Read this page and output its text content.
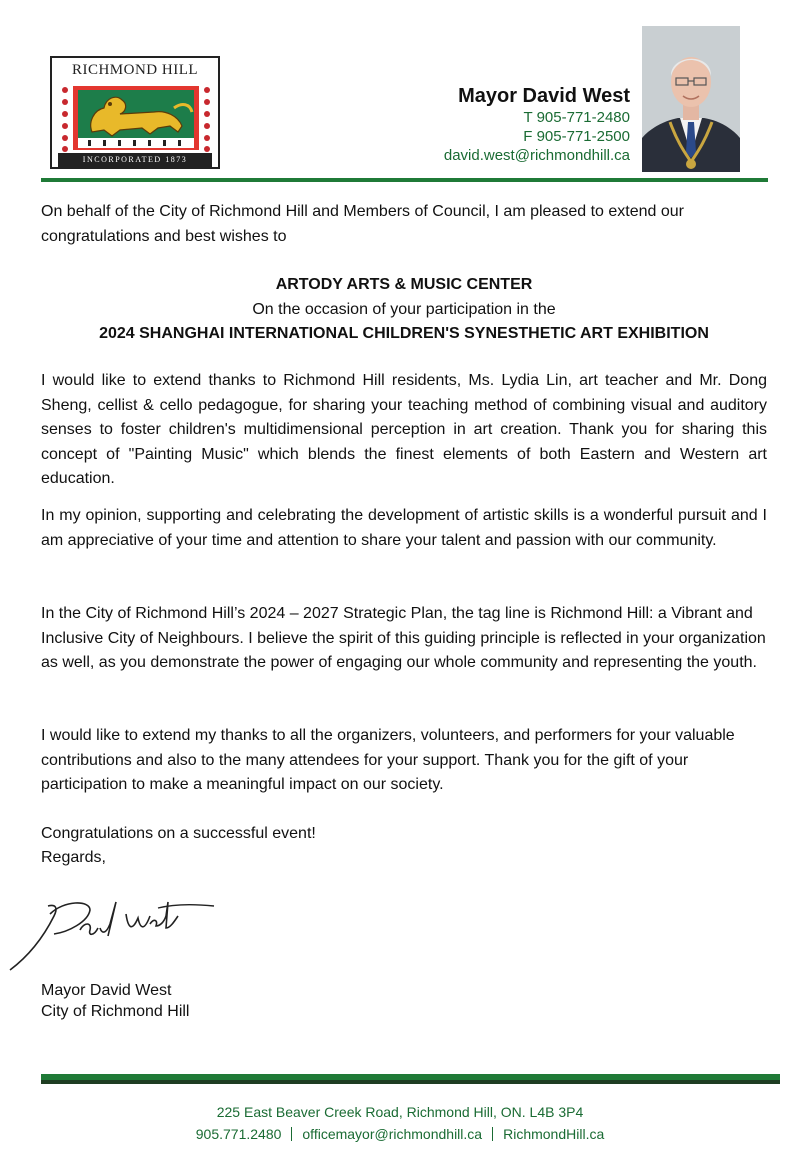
RICHMOND HILL
INCORPORATED 1873
Mayor David West
T 905-771-2480
F 905-771-2500
david.west@richmondhill.ca
On behalf of the City of Richmond Hill and Members of Council, I am pleased to extend our congratulations and best wishes to
ARTODY ARTS & MUSIC CENTER
On the occasion of your participation in the
2024 SHANGHAI INTERNATIONAL CHILDREN'S SYNESTHETIC ART EXHIBITION
I would like to extend thanks to Richmond Hill residents, Ms. Lydia Lin, art teacher and Mr. Dong Sheng, cellist & cello pedagogue, for sharing your teaching method of combining visual and auditory senses to foster children's multidimensional perception in art creation. Thank you for sharing this concept of "Painting Music" which blends the finest elements of both Eastern and Western art education.
In my opinion, supporting and celebrating the development of artistic skills is a wonderful pursuit and I am appreciative of your time and attention to share your talent and passion with our community.
In the City of Richmond Hill’s 2024 – 2027 Strategic Plan, the tag line is Richmond Hill: a Vibrant and Inclusive City of Neighbours. I believe the spirit of this guiding principle is reflected in your organization as well, as you demonstrate the power of engaging our whole community and representing the youth.
I would like to extend my thanks to all the organizers, volunteers, and performers for your valuable contributions and also to the many attendees for your support. Thank you for the gift of your participation to make a meaningful impact on our society.
Congratulations on a successful event!
Regards,
Mayor David West
City of Richmond Hill
225 East Beaver Creek Road, Richmond Hill, ON. L4B 3P4
905.771.2480 officemayor@richmondhill.ca RichmondHill.ca
